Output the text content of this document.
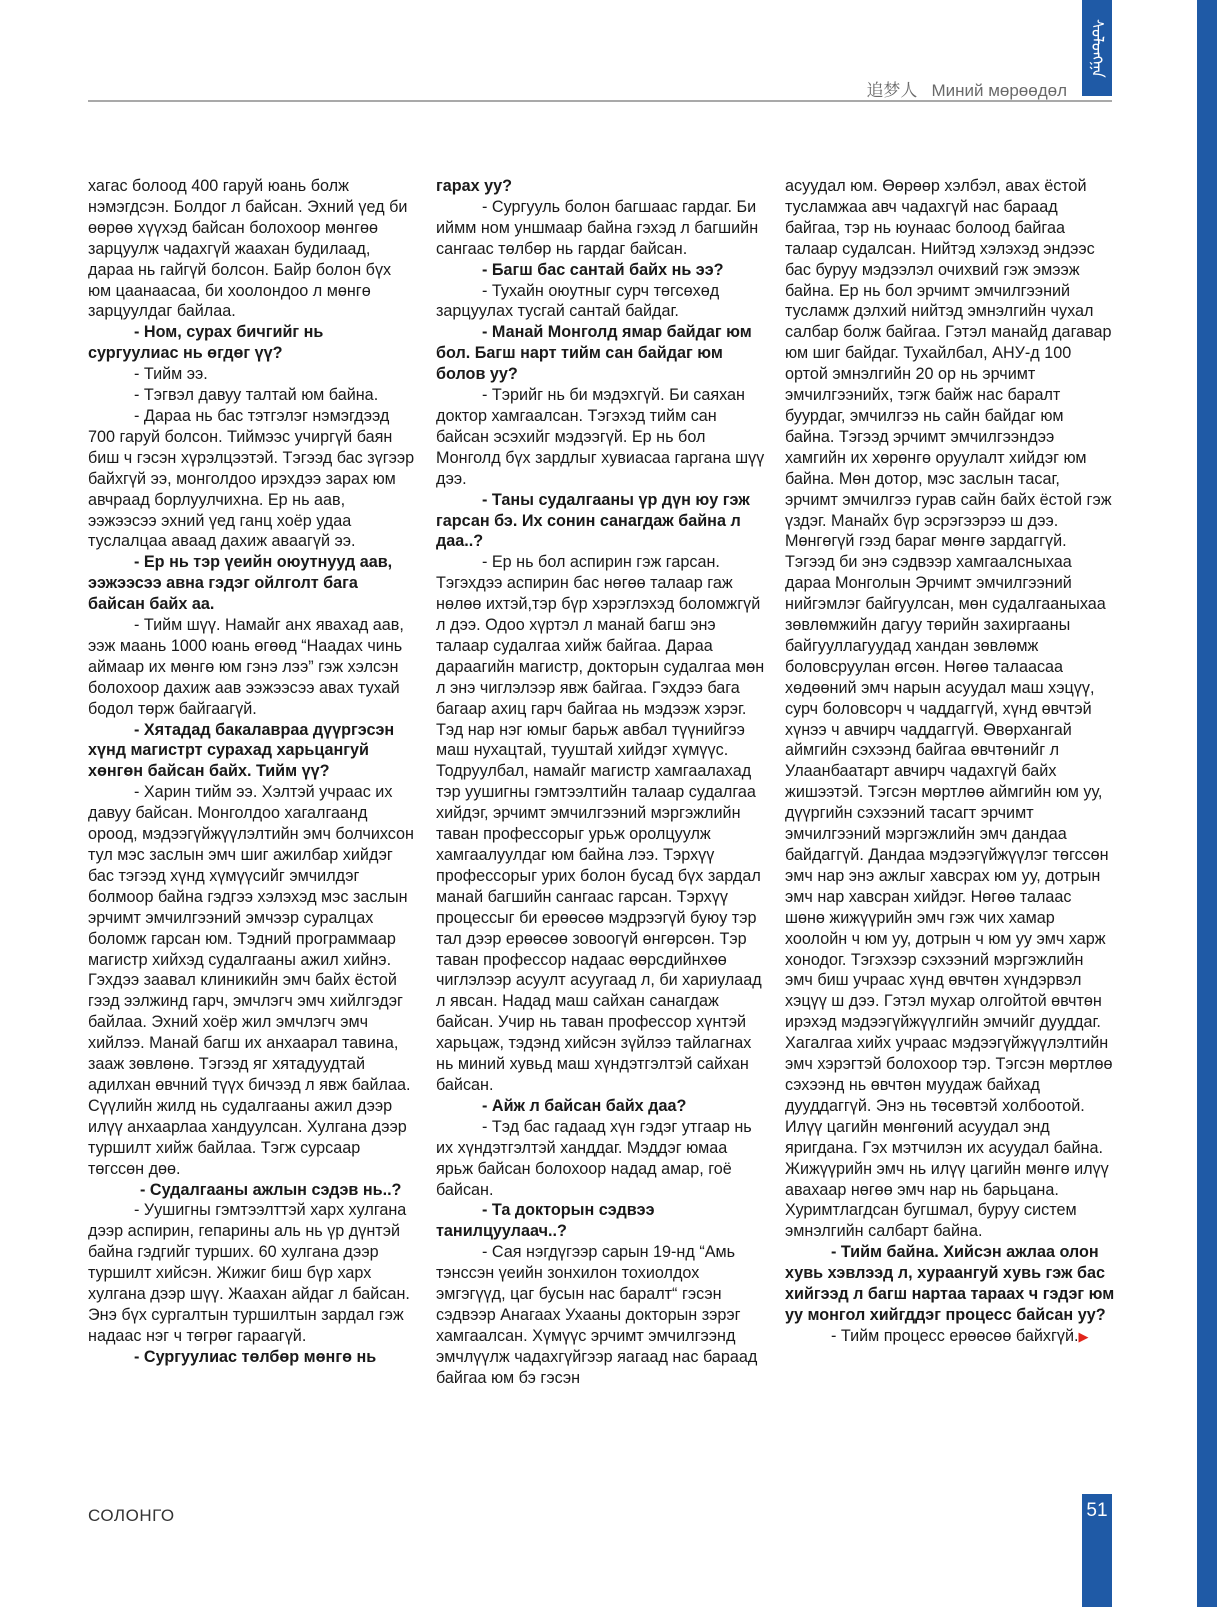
ᠰᠣᠯᠣᠩᠭ᠋ᠠ
追梦人 Миний мөрөөдөл

хагас болоод 400 гаруй юань болж нэмэгдсэн. Болдог л байсан. Эхний үед би өөрөө хүүхэд байсан болохоор мөнгөө зарцуулж чадахгүй жаахан будилаад, дараа нь гайгүй болсон. Байр болон бүх юм цаанаасаа, би хоолондоо л мөнгө зарцуулдаг байлаа.

- Ном, сурах бичгийг нь сургуулиас нь өгдөг үү?

- Тийм ээ.

- Тэгвэл давуу талтай юм байна.

- Дараа нь бас тэтгэлэг нэмэгдээд 700 гаруй болсон. Тиймээс учиргүй баян биш ч гэсэн хүрэлцээтэй. Тэгээд бас зүгээр байхгүй ээ, монголдоо ирэхдээ зарах юм авчраад борлуулчихна. Ер нь аав, ээжээсээ эхний үед ганц хоёр удаа туслалцаа аваад дахиж аваагүй ээ.

- Ер нь тэр үеийн оюутнууд аав, ээжээсээ авна гэдэг ойлголт бага байсан байх аа.

- Тийм шүү. Намайг анх явахад аав, ээж маань 1000 юань өгөөд “Наадах чинь аймаар их мөнгө юм гэнэ лээ” гэж хэлсэн болохоор дахиж аав ээжээсээ авах тухай бодол төрж байгаагүй.

- Хятадад бакалавраа дүүргэсэн хүнд магистрт сурахад харьцангуй хөнгөн байсан байх. Тийм үү?

- Харин тийм ээ. Хэлтэй учраас их давуу байсан. Монголдоо хагалгаанд ороод, мэдээгүйжүүлэлтийн эмч болчихсон тул мэс заслын эмч шиг ажилбар хийдэг бас тэгээд хүнд хүмүүсийг эмчилдэг болмоор байна гэдгээ хэлэхэд мэс заслын эрчимт эмчилгээний эмчээр суралцах боломж гарсан юм. Тэдний программаар магистр хийхэд судалгааны ажил хийнэ. Гэхдээ заавал клиникийн эмч байх ёстой гээд ээлжинд гарч, эмчлэгч эмч хийлгэдэг байлаа. Эхний хоёр жил эмчлэгч эмч хийлээ. Манай багш их анхаарал тавина, зааж зөвлөнө. Тэгээд яг хятадуудтай адилхан өвчний түүх бичээд л явж байлаа. Сүүлийн жилд нь судалгааны ажил дээр илүү анхаарлаа хандуулсан. Хулгана дээр туршилт хийж байлаа. Тэгж сурсаар төгссөн дөө.

- Судалгааны ажлын сэдэв нь..?

- Уушигны гэмтээлттэй харх хулгана дээр аспирин, гепарины аль нь үр дүнтэй байна гэдгийг турших. 60 хулгана дээр туршилт хийсэн. Жижиг биш бүр харх хулгана дээр шүү. Жаахан айдаг л байсан. Энэ бүх сургалтын туршилтын зардал гэж надаас нэг ч төгрөг гараагүй.

- Сургуулиас төлбөр мөнгө нь

гарах уу?

- Сургууль болон багшаас гардаг. Би иймм ном уншмаар байна гэхэд л багшийн сангаас төлбөр нь гардаг байсан.

- Багш бас сантай байх нь ээ?

- Тухайн оюутныг сурч төгсөхөд зарцуулах тусгай сантай байдаг.

- Манай Монголд ямар байдаг юм бол. Багш нарт тийм сан байдаг юм болов уу?

- Тэрийг нь би мэдэхгүй. Би саяхан доктор хамгаалсан. Тэгэхэд тийм сан байсан эсэхийг мэдээгүй. Ер нь бол Монголд бүх зардлыг хувиасаа гаргана шүү дээ.

- Таны судалгааны үр дүн юу гэж гарсан бэ. Их сонин санагдаж байна л даа..?

- Ер нь бол аспирин гэж гарсан. Тэгэхдээ аспирин бас нөгөө талаар гаж нөлөө ихтэй,тэр бүр хэрэглэхэд боломжгүй л дээ. Одоо хүртэл л манай багш энэ талаар судалгаа хийж байгаа. Дараа дараагийн магистр, докторын судалгаа мөн л энэ чиглэлээр явж байгаа. Гэхдээ бага багаар ахиц гарч байгаа нь мэдээж хэрэг. Тэд нар нэг юмыг барьж авбал түүнийгээ маш нухацтай, тууштай хийдэг хүмүүс. Тодруулбал, намайг магистр хамгаалахад тэр уушигны гэмтээлтийн талаар судалгаа хийдэг, эрчимт эмчилгээний мэргэжлийн таван профессорыг урьж оролцуулж хамгаалуулдаг юм байна лээ. Тэрхүү профессорыг урих болон бусад бүх зардал манай багшийн сангаас гарсан. Тэрхүү процессыг би ерөөсөө мэдрээгүй буюу тэр тал дээр ерөөсөө зовоогүй өнгөрсөн. Тэр таван профессор надаас өөрсдийнхөө чиглэлээр асуулт асуугаад л, би хариулаад л явсан. Надад маш сайхан санагдаж байсан. Учир нь таван профессор хүнтэй харьцаж, тэдэнд хийсэн зүйлээ тайлагнах нь миний хувьд маш хүндэтгэлтэй сайхан байсан.

- Айж л байсан байх даа?

- Тэд бас гадаад хүн гэдэг утгаар нь их хүндэтгэлтэй ханддаг. Мэддэг юмаа ярьж байсан болохоор надад амар, гоё байсан.

- Та докторын сэдвээ танилцуулаач..?

- Сая нэгдүгээр сарын 19-нд “Амь тэнссэн үеийн зонхилон тохиолдох эмгэгүүд, цаг бусын нас баралт“ гэсэн сэдвээр Анагаах Ухааны докторын зэрэг хамгаалсан. Хүмүүс эрчимт эмчилгээнд эмчлүүлж чадахгүйгээр яагаад нас бараад байгаа юм бэ гэсэн

асуудал юм. Өөрөөр хэлбэл, авах ёстой тусламжаа авч чадахгүй нас бараад байгаа, тэр нь юунаас болоод байгаа талаар судалсан. Нийтэд хэлэхэд эндээс бас буруу мэдээлэл очихвий гэж эмээж байна. Ер нь бол эрчимт эмчилгээний тусламж дэлхий нийтэд эмнэлгийн чухал салбар болж байгаа. Гэтэл манайд дагавар юм шиг байдаг. Тухайлбал, АНУ-д 100 ортой эмнэлгийн 20 ор нь эрчимт эмчилгээнийх, тэгж байж нас баралт буурдаг, эмчилгээ нь сайн байдаг юм байна. Тэгээд эрчимт эмчилгээндээ хамгийн их хөрөнгө оруулалт хийдэг юм байна. Мөн дотор, мэс заслын тасаг, эрчимт эмчилгээ гурав сайн байх ёстой гэж үздэг. Манайх бүр эсрэгээрээ ш дээ. Мөнгөгүй гээд бараг мөнгө зардаггүй. Тэгээд би энэ сэдвээр хамгаалсныхаа дараа Монголын Эрчимт эмчилгээний нийгэмлэг байгуулсан, мөн судалгааныхаа зөвлөмжийн дагуу төрийн захиргааны байгууллагуудад хандан зөвлөмж боловсруулан өгсөн. Нөгөө талаасаа хөдөөний эмч нарын асуудал маш хэцүү, сурч боловсорч ч чаддаггүй, хүнд өвчтэй хүнээ ч авчирч чаддаггүй. Өвөрхангай аймгийн сэхээнд байгаа өвчтөнийг л Улаанбаатарт авчирч чадахгүй байх жишээтэй. Тэгсэн мөртлөө аймгийн юм уу, дүүргийн сэхээний тасагт эрчимт эмчилгээний мэргэжлийн эмч дандаа байдаггүй. Дандаа мэдээгүйжүүлэг төгссөн эмч нар энэ ажлыг хавсрах юм уу, дотрын эмч нар хавсран хийдэг. Нөгөө талаас шөнө жижүүрийн эмч гэж чих хамар хоолойн ч юм уу, дотрын ч юм уу эмч харж хонодог. Тэгэхээр сэхээний мэргэжлийн эмч биш учраас хүнд өвчтөн хүндэрвэл хэцүү ш дээ. Гэтэл мухар олгойтой өвчтөн ирэхэд мэдээгүйжүүлгийн эмчийг дууддаг. Хагалгаа хийх учраас мэдээгүйжүүлэлтийн эмч хэрэгтэй болохоор тэр. Тэгсэн мөртлөө сэхээнд нь өвчтөн муудаж байхад дууддаггүй. Энэ нь төсөвтэй холбоотой. Илүү цагийн мөнгөний асуудал энд яригдана. Гэх мэтчилэн их асуудал байна. Жижүүрийн эмч нь илүү цагийн мөнгө илүү авахаар нөгөө эмч нар нь барьцана. Хуримтлагдсан бугшмал, буруу систем эмнэлгийн салбарт байна.

- Тийм байна. Хийсэн ажлаа олон хувь хэвлээд л, хураангуй хувь гэж бас хийгээд л багш нартаа тараах ч гэдэг юм уу монгол хийгддэг процесс байсан уу?

- Тийм процесс ерөөсөө байхгүй.▶

СОЛОНГО	51
